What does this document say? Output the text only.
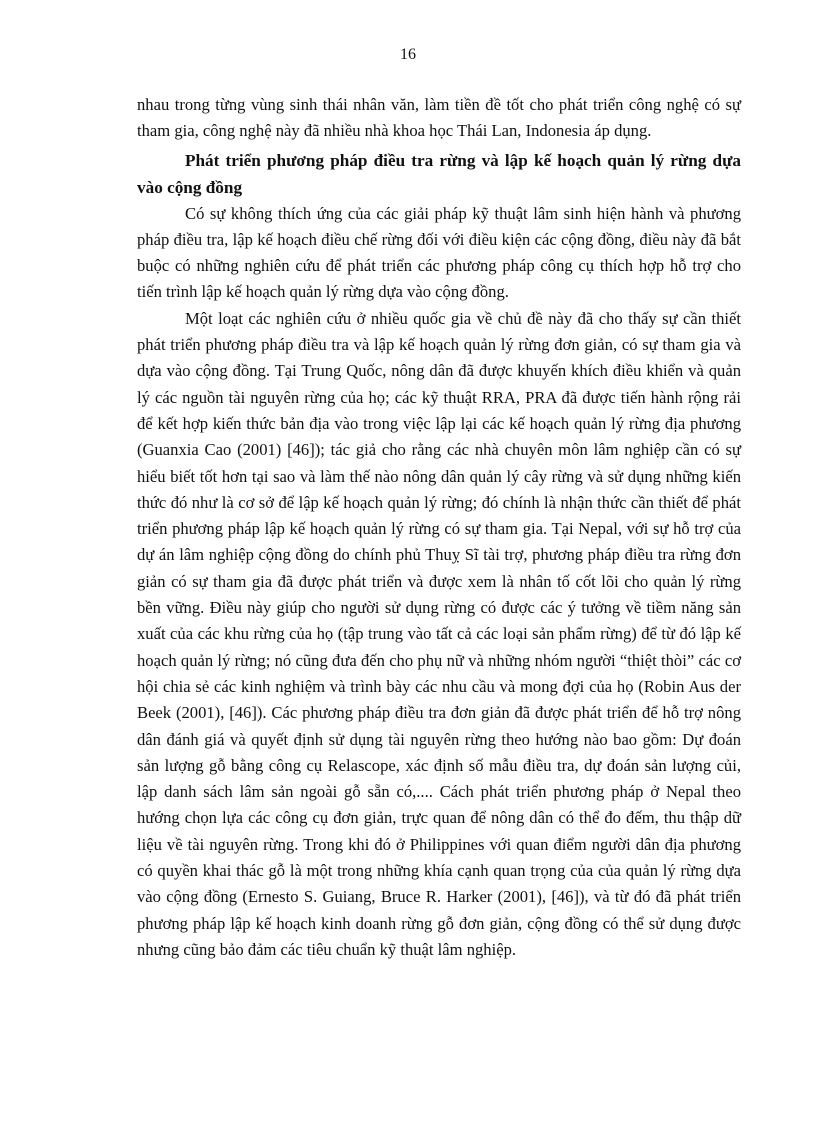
16

nhau trong từng vùng sinh thái nhân văn, làm tiền đề tốt cho phát triển công nghệ có sự tham gia, công nghệ này đã nhiều nhà khoa học Thái Lan, Indonesia áp dụng.

Phát triển phương pháp điều tra rừng và lập kế hoạch quản lý rừng dựa vào cộng đồng

Có sự không thích ứng của các giải pháp kỹ thuật lâm sinh hiện hành và phương pháp điều tra, lập kế hoạch điều chế rừng đối với điều kiện các cộng đồng, điều này đã bắt buộc có những nghiên cứu để phát triển các phương pháp công cụ thích hợp hỗ trợ cho tiến trình lập kế hoạch quản lý rừng dựa vào cộng đồng.

Một loạt các nghiên cứu ở nhiều quốc gia về chủ đề này đã cho thấy sự cần thiết phát triển phương pháp điều tra và lập kế hoạch quản lý rừng đơn giản, có sự tham gia và dựa vào cộng đồng. Tại Trung Quốc, nông dân đã được khuyến khích điều khiển và quản lý các nguồn tài nguyên rừng của họ; các kỹ thuật RRA, PRA đã được tiến hành rộng rải để kết hợp kiến thức bản địa vào trong việc lập lại các kế hoạch quản lý rừng địa phương (Guanxia Cao (2001) [46]); tác giả cho rằng các nhà chuyên môn lâm nghiệp cần có sự hiểu biết tốt hơn tại sao và làm thế nào nông dân quản lý cây rừng và sử dụng những kiến thức đó như là cơ sở để lập kế hoạch quản lý rừng; đó chính là nhận thức cần thiết để phát triển phương pháp lập kế hoạch quản lý rừng có sự tham gia. Tại Nepal, với sự hỗ trợ của dự án lâm nghiệp cộng đồng do chính phủ Thuỵ Sĩ tài trợ, phương pháp điều tra rừng đơn giản có sự tham gia đã được phát triển và được xem là nhân tố cốt lõi cho quản lý rừng bền vững. Điều này giúp cho người sử dụng rừng có được các ý tưởng về tiềm năng sản xuất của các khu rừng của họ (tập trung vào tất cả các loại sản phẩm rừng) để từ đó lập kế hoạch quản lý rừng; nó cũng đưa đến cho phụ nữ và những nhóm người “thiệt thòi” các cơ hội chia sẻ các kinh nghiệm và trình bày các nhu cầu và mong đợi của họ (Robin Aus der Beek (2001), [46]). Các phương pháp điều tra đơn giản đã được phát triển để hỗ trợ nông dân đánh giá và quyết định sử dụng tài nguyên rừng theo hướng nào bao gồm: Dự đoán sản lượng gỗ bằng công cụ Relascope, xác định số mẫu điều tra, dự đoán sản lượng củi, lập danh sách lâm sản ngoài gỗ sẵn có,.... Cách phát triển phương pháp ở Nepal theo hướng chọn lựa các công cụ đơn giản, trực quan để nông dân có thể đo đếm, thu thập dữ liệu về tài nguyên rừng. Trong khi đó ở Philippines với quan điểm người dân địa phương có quyền khai thác gỗ là một trong những khía cạnh quan trọng của của quản lý rừng dựa vào cộng đồng (Ernesto S. Guiang, Bruce R. Harker (2001), [46]), và từ đó đã phát triển phương pháp lập kế hoạch kinh doanh rừng gỗ đơn giản, cộng đồng có thể sử dụng được nhưng cũng bảo đảm các tiêu chuẩn kỹ thuật lâm nghiệp.
